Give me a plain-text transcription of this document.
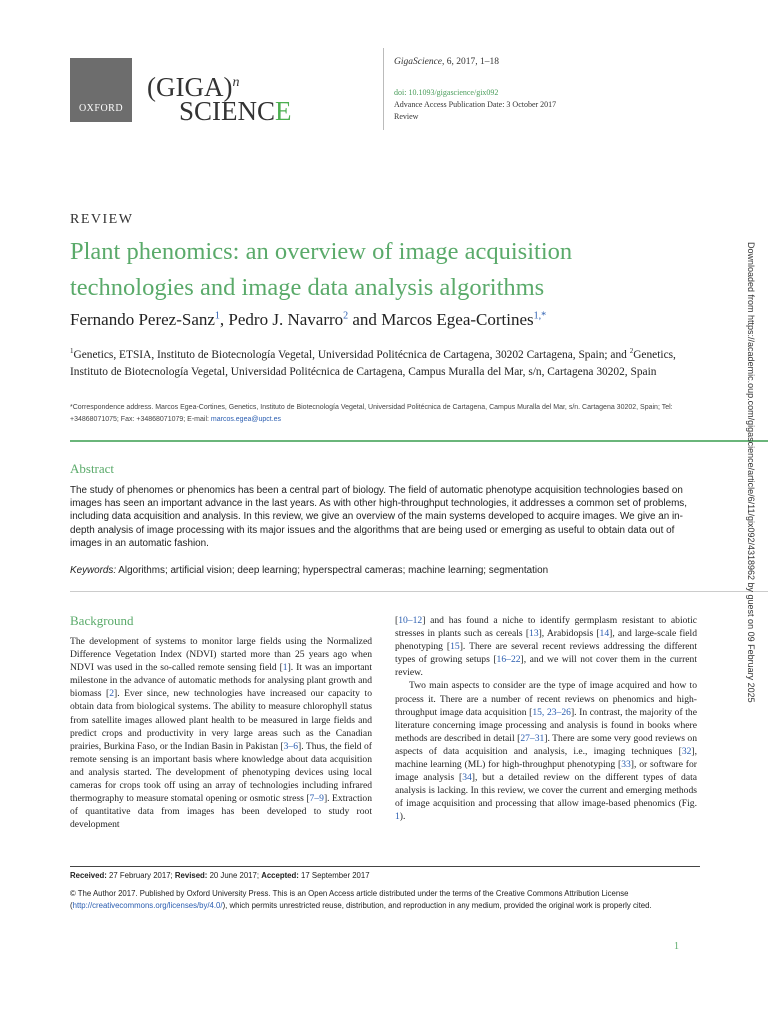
OXFORD
(GIGA)$^n$
SCIENCE
GigaScience, 6, 2017, 1–18
doi: 10.1093/gigascience/gix092
Advance Access Publication Date: 3 October 2017
Review
REVIEW
Plant phenomics: an overview of image acquisition technologies and image data analysis algorithms
Fernando Perez-Sanz$^1$, Pedro J. Navarro$^2$ and Marcos Egea-Cortines$^{1,*}$
$^1$Genetics, ETSIA, Instituto de Biotecnología Vegetal, Universidad Politécnica de Cartagena, 30202 Cartagena, Spain; and $^2$Genetics, Instituto de Biotecnología Vegetal, Universidad Politécnica de Cartagena, Campus Muralla del Mar, s/n, Cartagena 30202, Spain
*Correspondence address. Marcos Egea-Cortines, Genetics, Instituto de Biotecnología Vegetal, Universidad Politécnica de Cartagena, Campus Muralla del Mar, s/n. Cartagena 30202, Spain; Tel: +34868071075; Fax: +34868071079; E-mail: marcos.egea@upct.es
Abstract
The study of phenomes or phenomics has been a central part of biology. The field of automatic phenotype acquisition technologies based on images has seen an important advance in the last years. As with other high-throughput technologies, it addresses a common set of problems, including data acquisition and analysis. In this review, we give an overview of the main systems developed to acquire images. We give an in-depth analysis of image processing with its major issues and the algorithms that are being used or emerging as useful to obtain data out of images in an automatic fashion.
Keywords: Algorithms; artificial vision; deep learning; hyperspectral cameras; machine learning; segmentation
Background
The development of systems to monitor large fields using the Normalized Difference Vegetation Index (NDVI) started more than 25 years ago when NDVI was used in the so-called remote sensing field [1]. It was an important milestone in the advance of automatic methods for analysing plant growth and biomass [2]. Ever since, new technologies have increased our capacity to obtain data from biological systems. The ability to measure chlorophyll status from satellite images allowed plant health to be measured in large fields and predict crops and productivity in very large areas such as the Canadian prairies, Burkina Faso, or the Indian Basin in Pakistan [3–6]. Thus, the field of remote sensing is an important basis where knowledge about data acquisition and analysis started. The development of phenotyping devices using local cameras for crops took off using an array of technologies including infrared thermography to measure stomatal opening or osmotic stress [7–9]. Extraction of quantitative data from images has been developed to study root development
[10–12] and has found a niche to identify germplasm resistant to abiotic stresses in plants such as cereals [13], Arabidopsis [14], and large-scale field phenotyping [15]. There are several recent reviews addressing the different types of growing setups [16–22], and we will not cover them in the current review.
Two main aspects to consider are the type of image acquired and how to process it. There are a number of recent reviews on phenomics and high-throughput image data acquisition [15, 23–26]. In contrast, the majority of the literature concerning image processing and analysis is found in books where methods are described in detail [27–31]. There are some very good reviews on aspects of data acquisition and analysis, i.e., imaging techniques [32], machine learning (ML) for high-throughput phenotyping [33], or software for image analysis [34], but a detailed review on the different types of data analysis is lacking. In this review, we cover the current and emerging methods of image acquisition and processing that allow image-based phenomics (Fig. 1).
Received: 27 February 2017; Revised: 20 June 2017; Accepted: 17 September 2017
© The Author 2017. Published by Oxford University Press. This is an Open Access article distributed under the terms of the Creative Commons Attribution License (http://creativecommons.org/licenses/by/4.0/), which permits unrestricted reuse, distribution, and reproduction in any medium, provided the original work is properly cited.
1
Downloaded from https://academic.oup.com/gigascience/article/6/11/gix092/4318962 by guest on 09 February 2025
